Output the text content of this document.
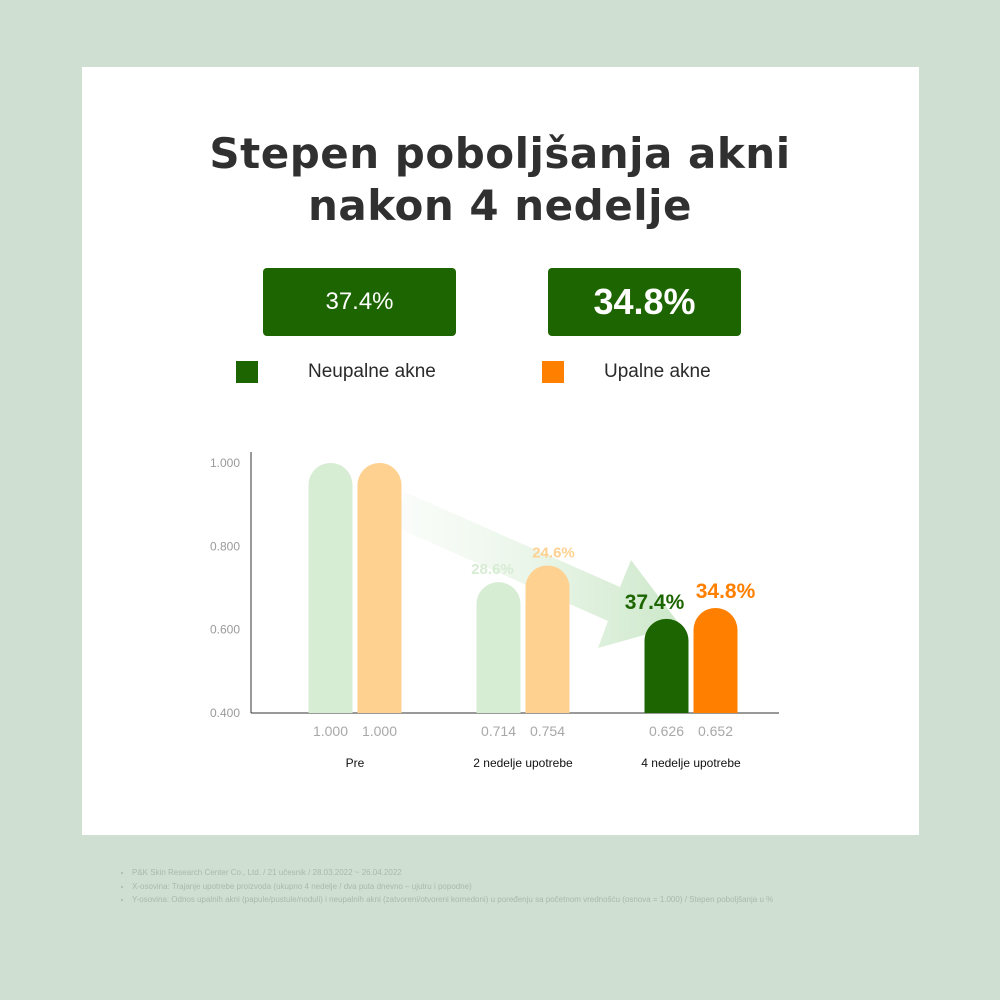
Stepen poboljšanja akni
nakon 4 nedelje
37.4%	34.8%
Neupalne akne	Upalne akne
1.000
0.800
0.600
0.400
1.000 1.000
Pre
0.714
28.6%
0.754
24.6%
2 nedelje upotrebe
0.626
37.4%
0.652
34.8%
4 nedelje upotrebe
• P&K Skin Research Center Co., Ltd. / 21 učesnik / 28.03.2022 ~ 26.04.2022
• X-osovina: Trajanje upotrebe proizvoda (ukupno 4 nedelje / dva puta dnevno – ujutru i popodne)
• Y-osovina: Odnos upalnih akni (papule/pustule/noduli) i neupalnih akni (zatvoreni/otvoreni komedoni) u poređenju sa početnom vrednošću (osnova = 1.000) / Stepen poboljšanja u %
